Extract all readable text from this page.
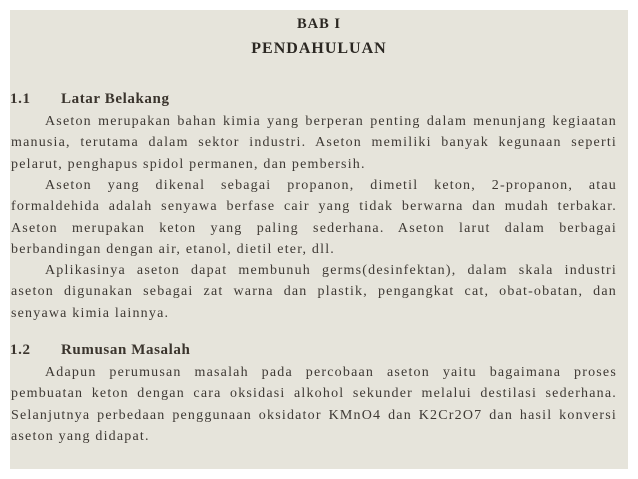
BAB I
PENDAHULUAN
1.1 Latar Belakang

Aseton merupakan bahan kimia yang berperan penting dalam menunjang kegiaatan manusia, terutama dalam sektor industri. Aseton memiliki banyak kegunaan seperti pelarut, penghapus spidol permanen, dan pembersih.

Aseton yang dikenal sebagai propanon, dimetil keton, 2-propanon, atau formaldehida adalah senyawa berfase cair yang tidak berwarna dan mudah terbakar. Aseton merupakan keton yang paling sederhana. Aseton larut dalam berbagai berbandingan dengan air, etanol, dietil eter, dll.

Aplikasinya aseton dapat membunuh germs(desinfektan), dalam skala industri aseton digunakan sebagai zat warna dan plastik, pengangkat cat, obat-obatan, dan senyawa kimia lainnya.

1.2 Rumusan Masalah

Adapun perumusan masalah pada percobaan aseton yaitu bagaimana proses pembuatan keton dengan cara oksidasi alkohol sekunder melalui destilasi sederhana. Selanjutnya perbedaan penggunaan oksidator KMnO4 dan K2Cr2O7 dan hasil konversi aseton yang didapat.
